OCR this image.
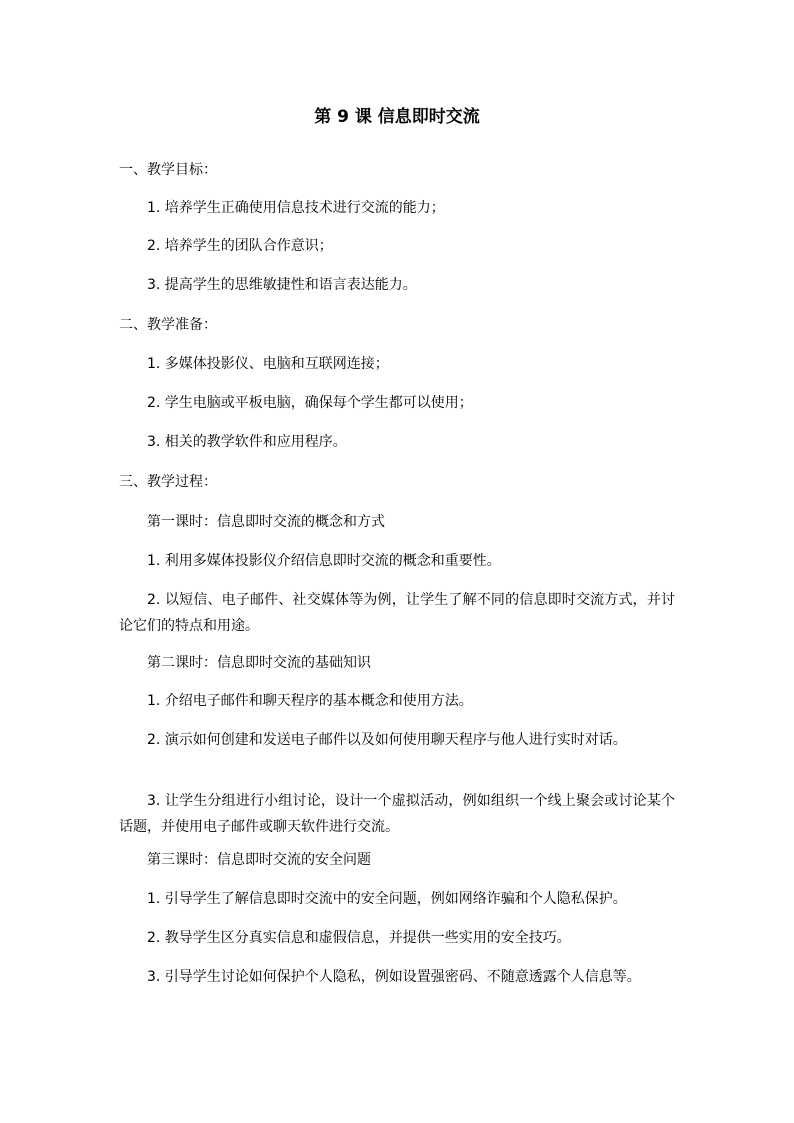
第 9 课 信息即时交流
一、教学目标：
1. 培养学生正确使用信息技术进行交流的能力；
2. 培养学生的团队合作意识；
3. 提高学生的思维敏捷性和语言表达能力。
二、教学准备：
1. 多媒体投影仪、电脑和互联网连接；
2. 学生电脑或平板电脑，确保每个学生都可以使用；
3. 相关的教学软件和应用程序。
三、教学过程：
第一课时：信息即时交流的概念和方式
1. 利用多媒体投影仪介绍信息即时交流的概念和重要性。
2. 以短信、电子邮件、社交媒体等为例，让学生了解不同的信息即时交流方式，并讨论它们的特点和用途。
第二课时：信息即时交流的基础知识
1. 介绍电子邮件和聊天程序的基本概念和使用方法。
2. 演示如何创建和发送电子邮件以及如何使用聊天程序与他人进行实时对话。
3. 让学生分组进行小组讨论，设计一个虚拟活动，例如组织一个线上聚会或讨论某个话题，并使用电子邮件或聊天软件进行交流。
第三课时：信息即时交流的安全问题
1. 引导学生了解信息即时交流中的安全问题，例如网络诈骗和个人隐私保护。
2. 教导学生区分真实信息和虚假信息，并提供一些实用的安全技巧。
3. 引导学生讨论如何保护个人隐私，例如设置强密码、不随意透露个人信息等。
